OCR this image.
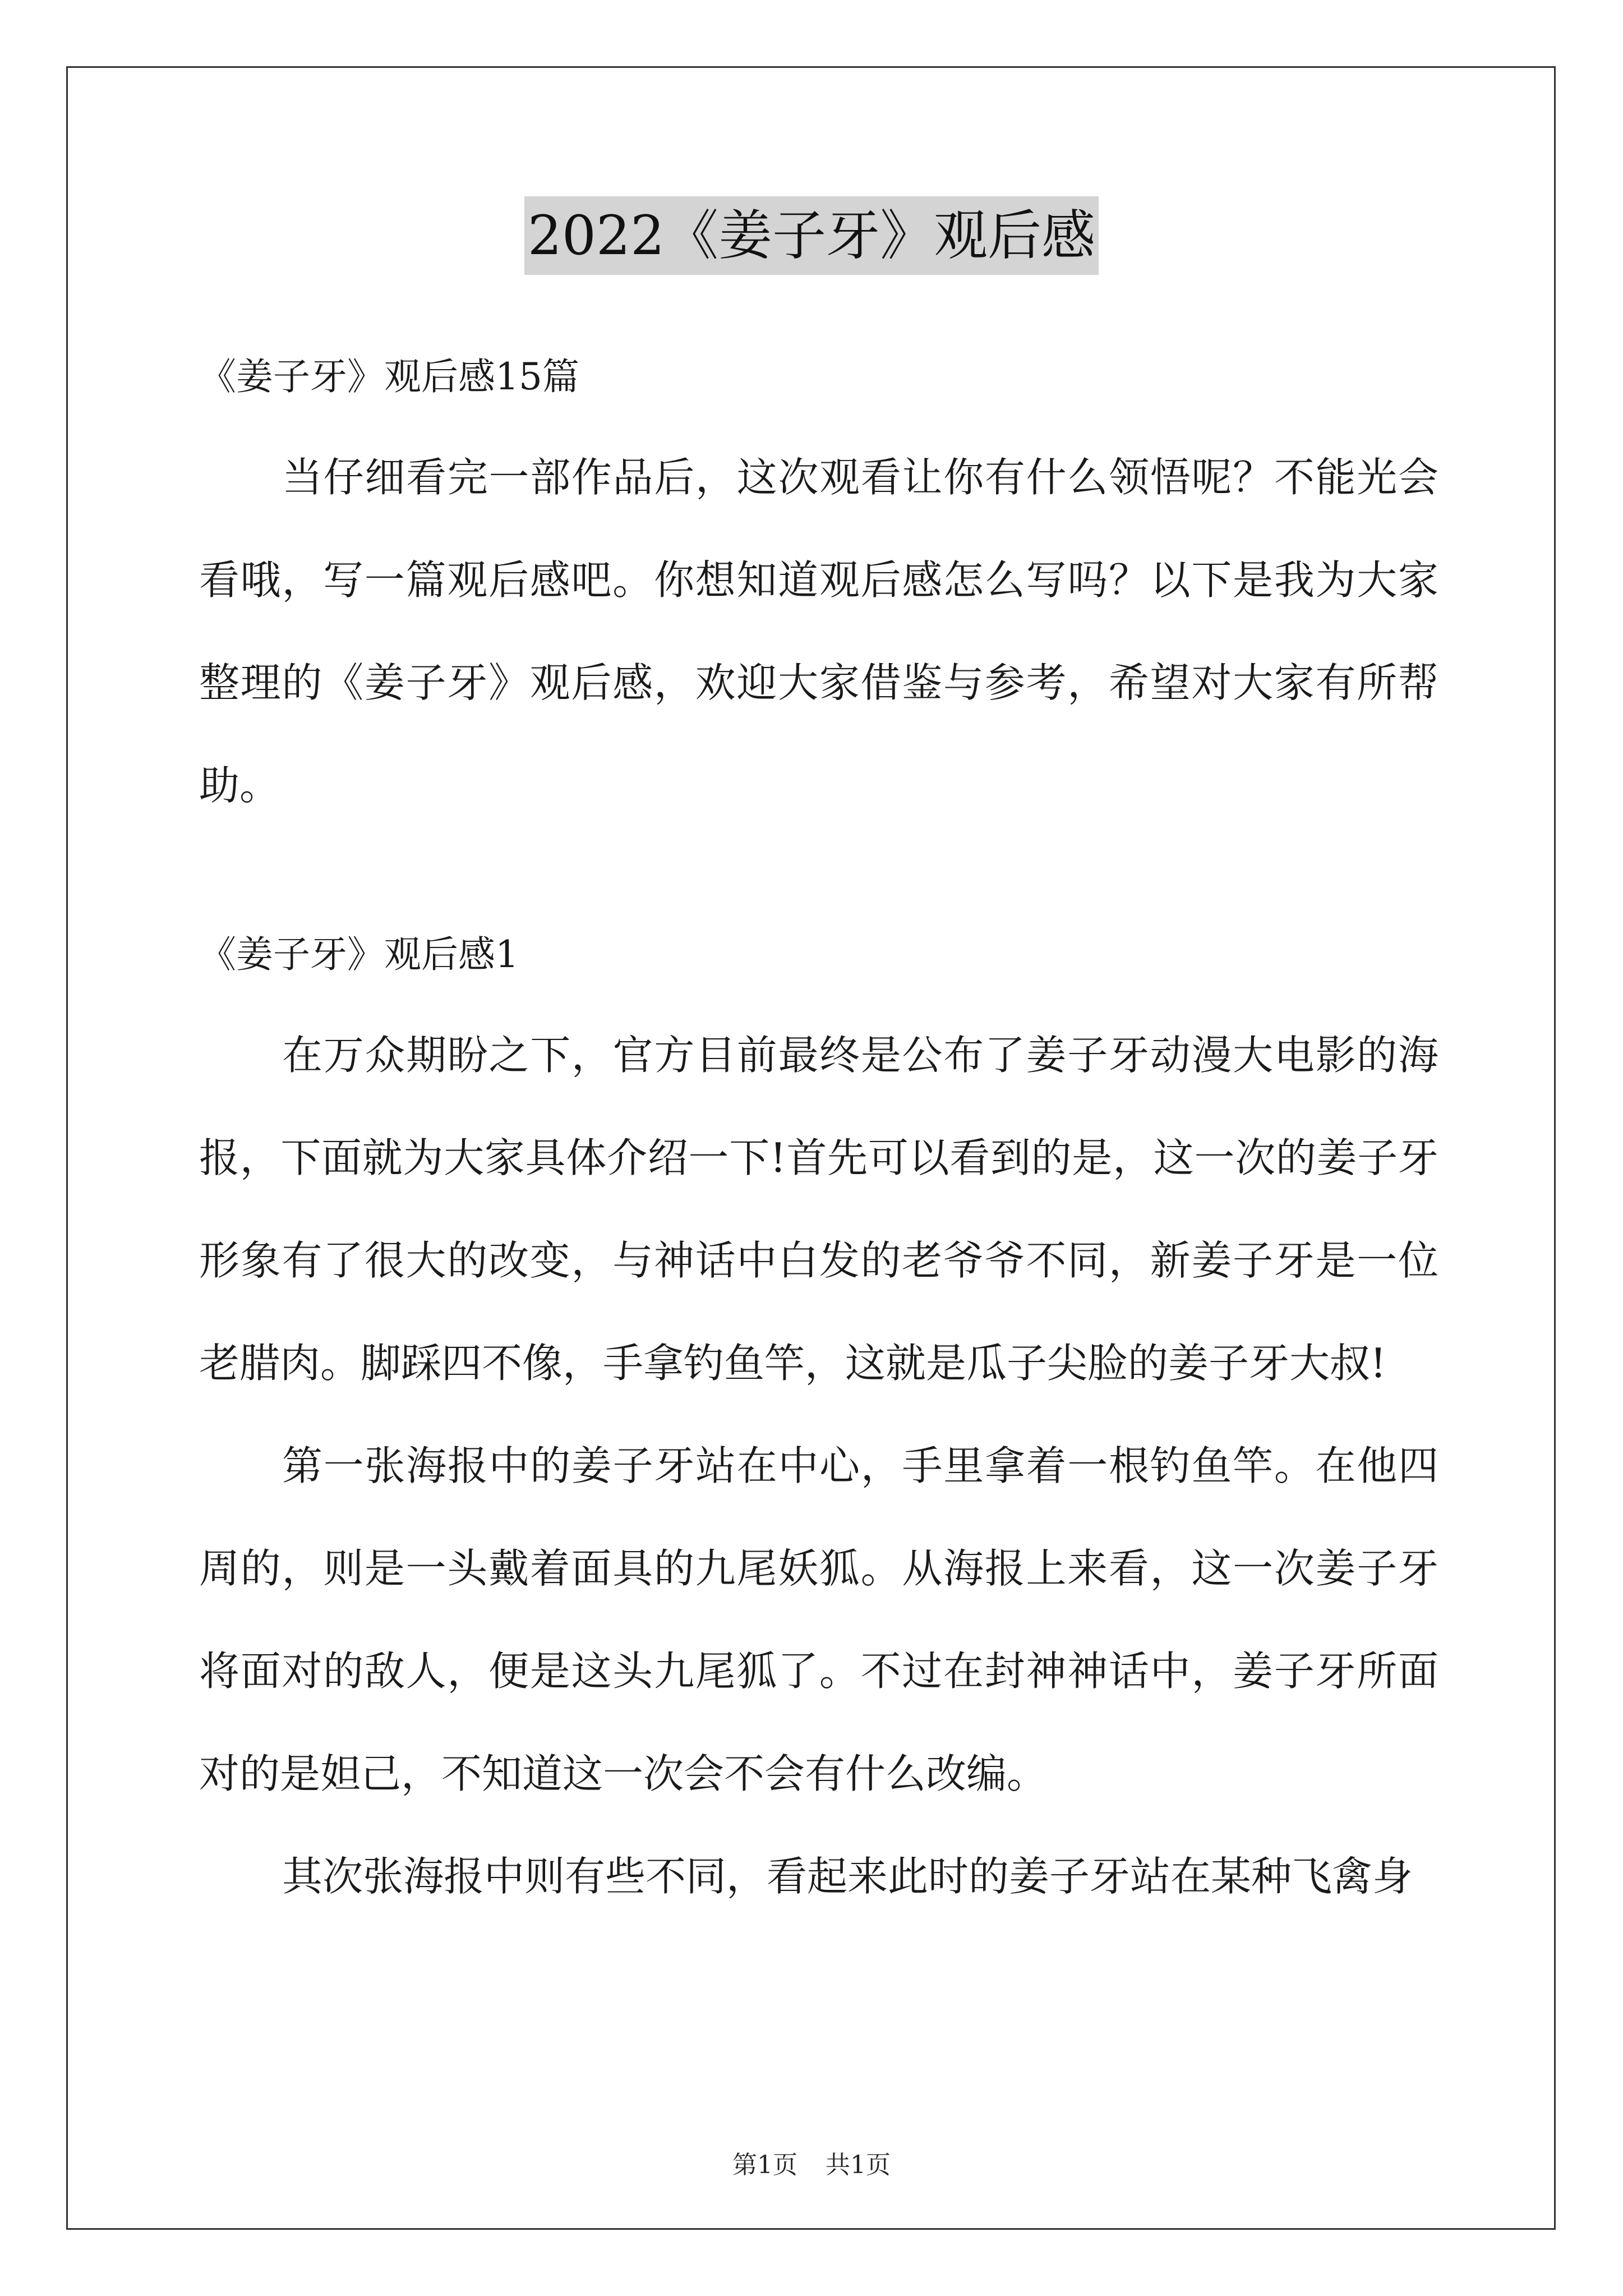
2022《姜子牙》观后感

《姜子牙》观后感15篇

当仔细看完一部作品后，这次观看让你有什么领悟呢？不能光会看哦，写一篇观后感吧。你想知道观后感怎么写吗？以下是我为大家整理的《姜子牙》观后感，欢迎大家借鉴与参考，希望对大家有所帮助。

《姜子牙》观后感1

在万众期盼之下，官方目前最终是公布了姜子牙动漫大电影的海报，下面就为大家具体介绍一下!首先可以看到的是，这一次的姜子牙形象有了很大的改变，与神话中白发的老爷爷不同，新姜子牙是一位老腊肉。脚踩四不像，手拿钓鱼竿，这就是瓜子尖脸的姜子牙大叔!

第一张海报中的姜子牙站在中心，手里拿着一根钓鱼竿。在他四周的，则是一头戴着面具的九尾妖狐。从海报上来看，这一次姜子牙将面对的敌人，便是这头九尾狐了。不过在封神神话中，姜子牙所面对的是妲己，不知道这一次会不会有什么改编。

其次张海报中则有些不同，看起来此时的姜子牙站在某种飞禽身

第1页 共1页
